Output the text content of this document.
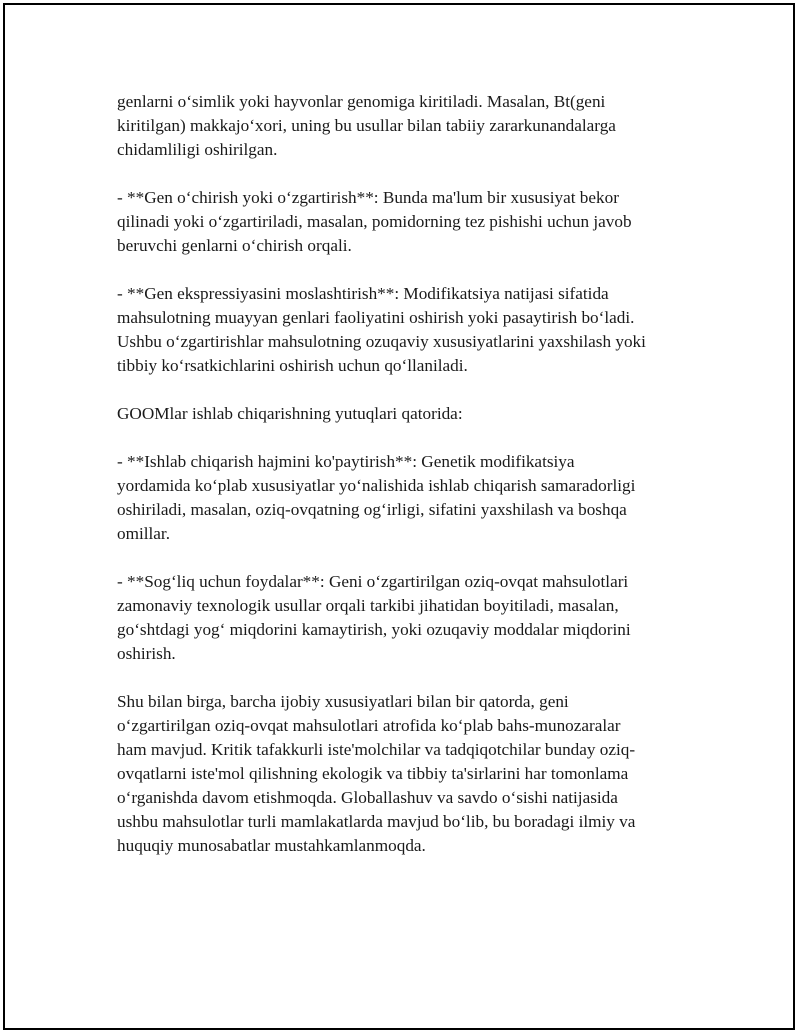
genlarni o‘simlik yoki hayvonlar genomiga kiritiladi. Masalan, Bt(geni
kiritilgan) makkajo‘xori, uning bu usullar bilan tabiiy zararkunandalarga
chidamliligi oshirilgan.

- **Gen o‘chirish yoki o‘zgartirish**: Bunda ma'lum bir xususiyat bekor
qilinadi yoki o‘zgartiriladi, masalan, pomidorning tez pishishi uchun javob
beruvchi genlarni o‘chirish orqali.

- **Gen ekspressiyasini moslashtirish**: Modifikatsiya natijasi sifatida
mahsulotning muayyan genlari faoliyatini oshirish yoki pasaytirish bo‘ladi.
Ushbu o‘zgartirishlar mahsulotning ozuqaviy xususiyatlarini yaxshilash yoki
tibbiy ko‘rsatkichlarini oshirish uchun qo‘llaniladi.

GOOMlar ishlab chiqarishning yutuqlari qatorida:

- **Ishlab chiqarish hajmini ko'paytirish**: Genetik modifikatsiya
yordamida ko‘plab xususiyatlar yo‘nalishida ishlab chiqarish samaradorligi
oshiriladi, masalan, oziq-ovqatning og‘irligi, sifatini yaxshilash va boshqa
omillar.

- **Sog‘liq uchun foydalar**: Geni o‘zgartirilgan oziq-ovqat mahsulotlari
zamonaviy texnologik usullar orqali tarkibi jihatidan boyitiladi, masalan,
go‘shtdagi yog‘ miqdorini kamaytirish, yoki ozuqaviy moddalar miqdorini
oshirish.

Shu bilan birga, barcha ijobiy xususiyatlari bilan bir qatorda, geni
o‘zgartirilgan oziq-ovqat mahsulotlari atrofida ko‘plab bahs-munozaralar
ham mavjud. Kritik tafakkurli iste'molchilar va tadqiqotchilar bunday oziq-
ovqatlarni iste'mol qilishning ekologik va tibbiy ta'sirlarini har tomonlama
o‘rganishda davom etishmoqda. Globallashuv va savdo o‘sishi natijasida
ushbu mahsulotlar turli mamlakatlarda mavjud bo‘lib, bu boradagi ilmiy va
huquqiy munosabatlar mustahkamlanmoqda.
